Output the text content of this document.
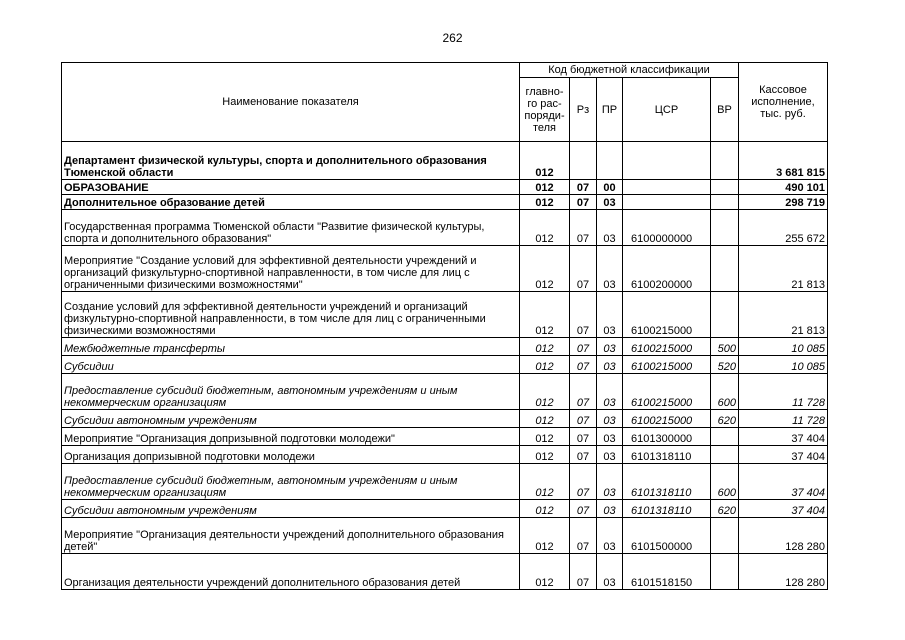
262
Наименование показателя	Код бюджетной классификации					Кассовое исполнение, тыс. руб.
	главно-го рас-поряди-теля	Рз	ПР	ЦСР	ВР	
Департамент физической культуры, спорта и дополнительного образования Тюменской области	012					3 681 815
ОБРАЗОВАНИЕ	012	07	00			490 101
Дополнительное образование детей	012	07	03			298 719
Государственная программа Тюменской области "Развитие физической культуры, спорта и дополнительного образования"	012	07	03	6100000000		255 672
Мероприятие "Создание условий для эффективной деятельности учреждений и организаций физкультурно-спортивной направленности, в том числе для лиц с ограниченными физическими возможностями"	012	07	03	6100200000		21 813
Создание условий для эффективной деятельности учреждений и организаций физкультурно-спортивной направленности, в том числе для лиц с ограниченными физическими возможностями	012	07	03	6100215000		21 813
Межбюджетные трансферты	012	07	03	6100215000	500	10 085
Субсидии	012	07	03	6100215000	520	10 085
Предоставление субсидий бюджетным, автономным учреждениям и иным некоммерческим организациям	012	07	03	6100215000	600	11 728
Субсидии автономным учреждениям	012	07	03	6100215000	620	11 728
Мероприятие "Организация допризывной подготовки молодежи"	012	07	03	6101300000		37 404
Организация допризывной подготовки молодежи	012	07	03	6101318110		37 404
Предоставление субсидий бюджетным, автономным учреждениям и иным некоммерческим организациям	012	07	03	6101318110	600	37 404
Субсидии автономным учреждениям	012	07	03	6101318110	620	37 404
Мероприятие "Организация деятельности учреждений дополнительного образования детей"	012	07	03	6101500000		128 280
Организация деятельности учреждений дополнительного образования детей	012	07	03	6101518150		128 280
